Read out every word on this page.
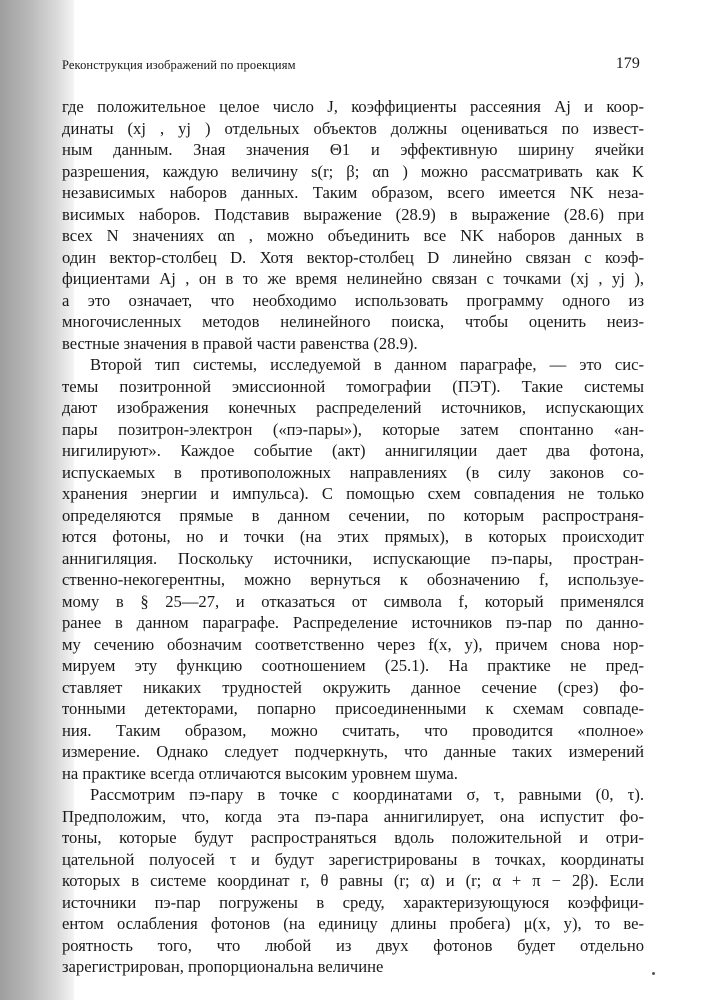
Реконструкция изображений по проекциям	179
где положительное целое число J, коэффициенты рассеяния Aj и коор-
динаты (xj , yj ) отдельных объектов должны оцениваться по извест-
ным данным. Зная значения Θ1 и эффективную ширину ячейки
разрешения, каждую величину s(r; β; αn ) можно рассматривать как K
независимых наборов данных. Таким образом, всего имеется NK неза-
висимых наборов. Подставив выражение (28.9) в выражение (28.6) при
всех N значениях αn , можно объединить все NK наборов данных в
один вектор-столбец D. Хотя вектор-столбец D линейно связан с коэф-
фициентами Aj , он в то же время нелинейно связан с точками (xj , yj ),
а это означает, что необходимо использовать программу одного из
многочисленных методов нелинейного поиска, чтобы оценить неиз-
вестные значения в правой части равенства (28.9).
Второй тип системы, исследуемой в данном параграфе, — это сис-
темы позитронной эмиссионной томографии (ПЭТ). Такие системы
дают изображения конечных распределений источников, испускающих
пары позитрон-электрон («пэ-пары»), которые затем спонтанно «ан-
нигилируют». Каждое событие (акт) аннигиляции дает два фотона,
испускаемых в противоположных направлениях (в силу законов со-
хранения энергии и импульса). С помощью схем совпадения не только
определяются прямые в данном сечении, по которым распространя-
ются фотоны, но и точки (на этих прямых), в которых происходит
аннигиляция. Поскольку источники, испускающие пэ-пары, простран-
ственно-некогерентны, можно вернуться к обозначению f, используе-
мому в § 25—27, и отказаться от символа f, который применялся
ранее в данном параграфе. Распределение источников пэ-пар по данно-
му сечению обозначим соответственно через f(x, y), причем снова нор-
мируем эту функцию соотношением (25.1). На практике не пред-
ставляет никаких трудностей окружить данное сечение (срез) фо-
тонными детекторами, попарно присоединенными к схемам совпаде-
ния. Таким образом, можно считать, что проводится «полное»
измерение. Однако следует подчеркнуть, что данные таких измерений
на практике всегда отличаются высоким уровнем шума.
Рассмотрим пэ-пару в точке с координатами σ, τ, равными (0, τ).
Предположим, что, когда эта пэ-пара аннигилирует, она испустит фо-
тоны, которые будут распространяться вдоль положительной и отри-
цательной полуосей τ и будут зарегистрированы в точках, координаты
которых в системе координат r, θ равны (r; α) и (r; α + π − 2β). Если
источники пэ-пар погружены в среду, характеризующуюся коэффици-
ентом ослабления фотонов (на единицу длины пробега) μ(x, y), то ве-
роятность того, что любой из двух фотонов будет отдельно
зарегистрирован, пропорциональна величине
